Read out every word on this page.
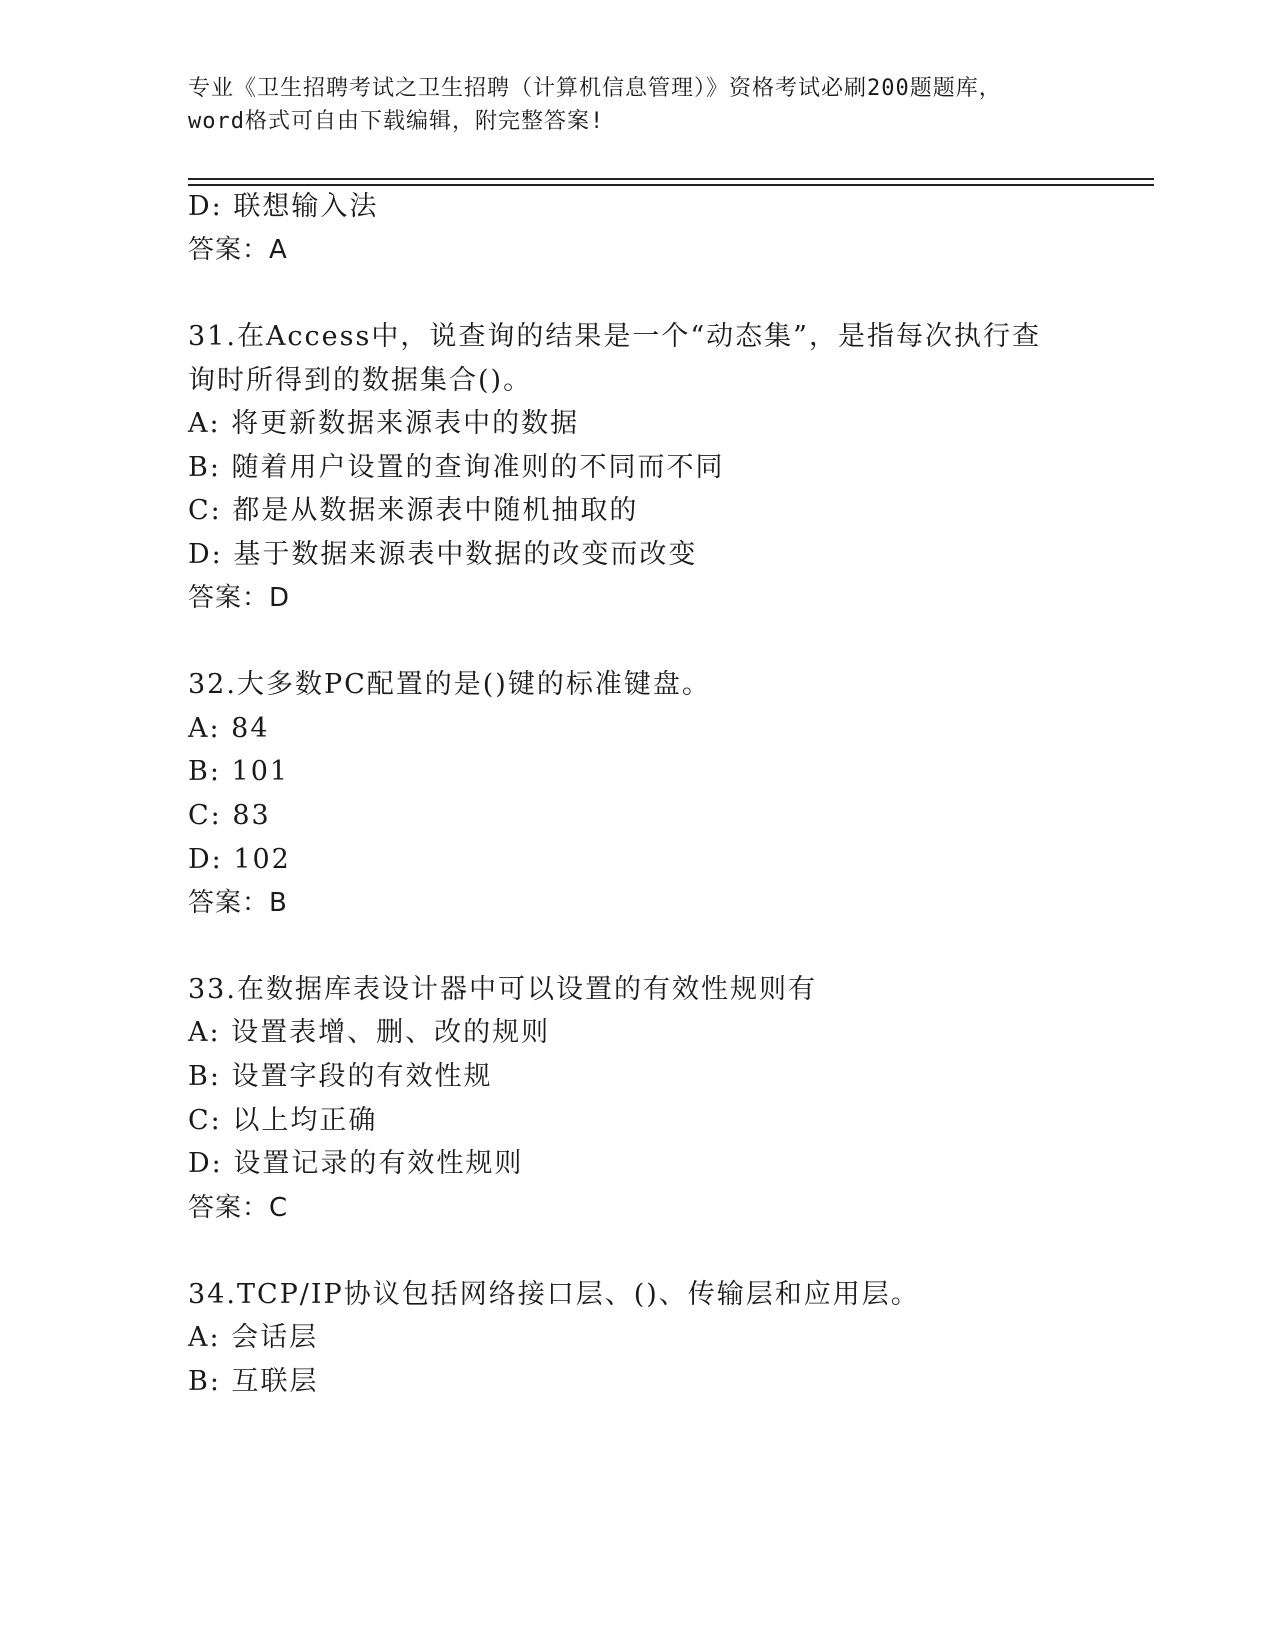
专业《卫生招聘考试之卫生招聘（计算机信息管理）》资格考试必刷200题题库，
word格式可自由下载编辑，附完整答案!
D: 联想输入法
答案：A
31.在Access中，说查询的结果是一个“动态集”，是指每次执行查
询时所得到的数据集合()。
A: 将更新数据来源表中的数据
B: 随着用户设置的查询准则的不同而不同
C: 都是从数据来源表中随机抽取的
D: 基于数据来源表中数据的改变而改变
答案：D
32.大多数PC配置的是()键的标准键盘。
A: 84
B: 101
C: 83
D: 102
答案：B
33.在数据库表设计器中可以设置的有效性规则有
A: 设置表增、删、改的规则
B: 设置字段的有效性规
C: 以上均正确
D: 设置记录的有效性规则
答案：C
34.TCP/IP协议包括网络接口层、()、传输层和应用层。
A: 会话层
B: 互联层
